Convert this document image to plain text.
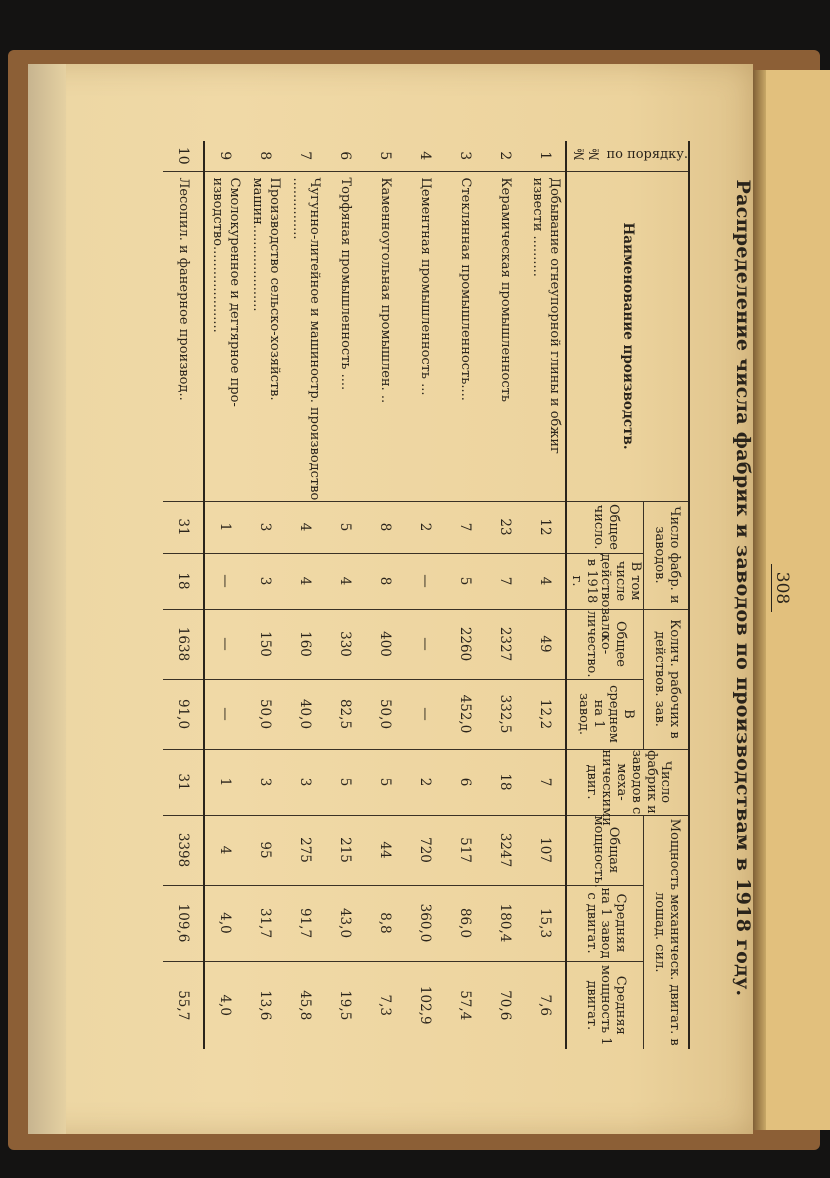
308
Распределение числа фабрик и заводов по производствам в 1918 году.
№№ по порядку.	Наименование производств.	Число фабр. и заводов.		Колич. рабочих в действов. зав.		Число фабрик и заводов с меха-ническими двиг.	Мощность механическ. двигат. в лошад. сил.		
		Общее число.	В том числе действовало в 1918 г.	Общее ко-личество.	В среднем на 1 завод.		Общая мощность.	Средняя на 1 завод с двигат.	Средняя мощность 1 двигат.
1	Добывание огнеупорной глины и обжиг извести ..........	12	4	49	12,2	7	107	15,3	7,6
2	Керамическая промышленность	23	7	2327	332,5	18	3247	180,4	70,6
3	Стеклянная промышленность....	7	5	2260	452,0	6	517	86,0	57,4
4	Цементная промышленность ...	2	—	—	—	2	720	360,0	102,9
5	Каменноугольная промышлен. ..	8	8	400	50,0	5	44	8,8	7,3
6	Торфяная промышленность ....	5	4	330	82,5	5	215	43,0	19,5
7	Чугунно-литейное и машиностр. производство ...............	4	4	160	40,0	3	275	91,7	45,8
8	Производство сельско-хозяйств. машин.....................	3	3	150	50,0	3	95	31,7	13,6
9	Смолокуренное и дегтярное про-изводство.....................	1	—	—	—	1	4	4,0	4,0
10	Лесопил. и фанерное производ..	31	18	1638	91,0	31	3398	109,6	55,7
